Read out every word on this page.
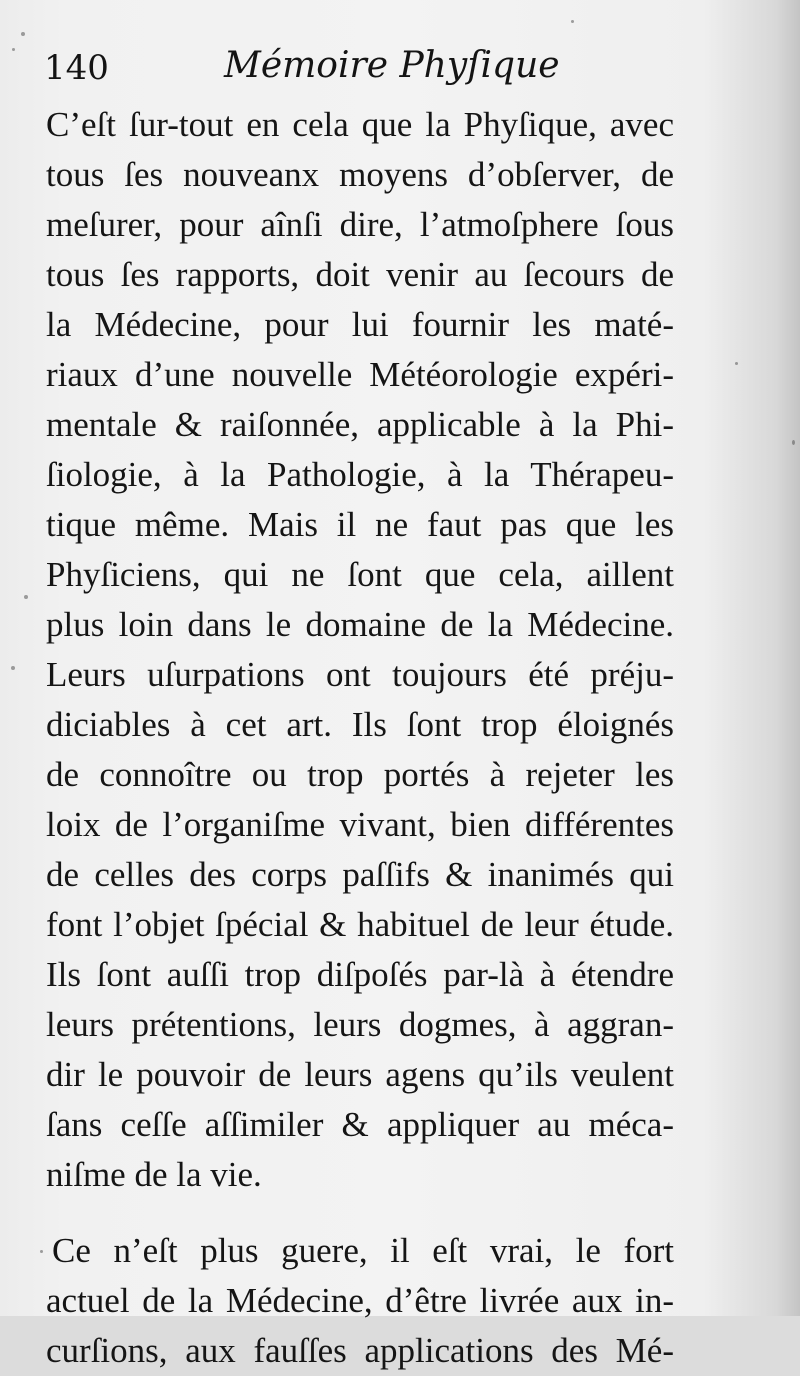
140	Mémoire Phyſique
C’eſt ſur-tout en cela que la Phyſique, avec
tous ſes nouveanx moyens d’obſerver, de
meſurer, pour aînſi dire, l’atmoſphere ſous
tous ſes rapports, doit venir au ſecours de
la Médecine, pour lui fournir les maté-
riaux d’une nouvelle Météorologie expéri-
mentale & raiſonnée, applicable à la Phi-
ſiologie, à la Pathologie, à la Thérapeu-
tique même. Mais il ne faut pas que les
Phyſiciens, qui ne ſont que cela, aillent
plus loin dans le domaine de la Médecine.
Leurs uſurpations ont toujours été préju-
diciables à cet art. Ils ſont trop éloignés
de connoître ou trop portés à rejeter les
loix de l’organiſme vivant, bien différentes
de celles des corps paſſifs & inanimés qui
font l’objet ſpécial & habituel de leur étude.
Ils ſont auſſi trop diſpoſés par-là à étendre
leurs prétentions, leurs dogmes, à aggran-
dir le pouvoir de leurs agens qu’ils veulent
ſans ceſſe aſſimiler & appliquer au méca-
niſme de la vie.
Ce n’eſt plus guere, il eſt vrai, le fort
actuel de la Médecine, d’être livrée aux in-
curſions, aux fauſſes applications des Mé-
